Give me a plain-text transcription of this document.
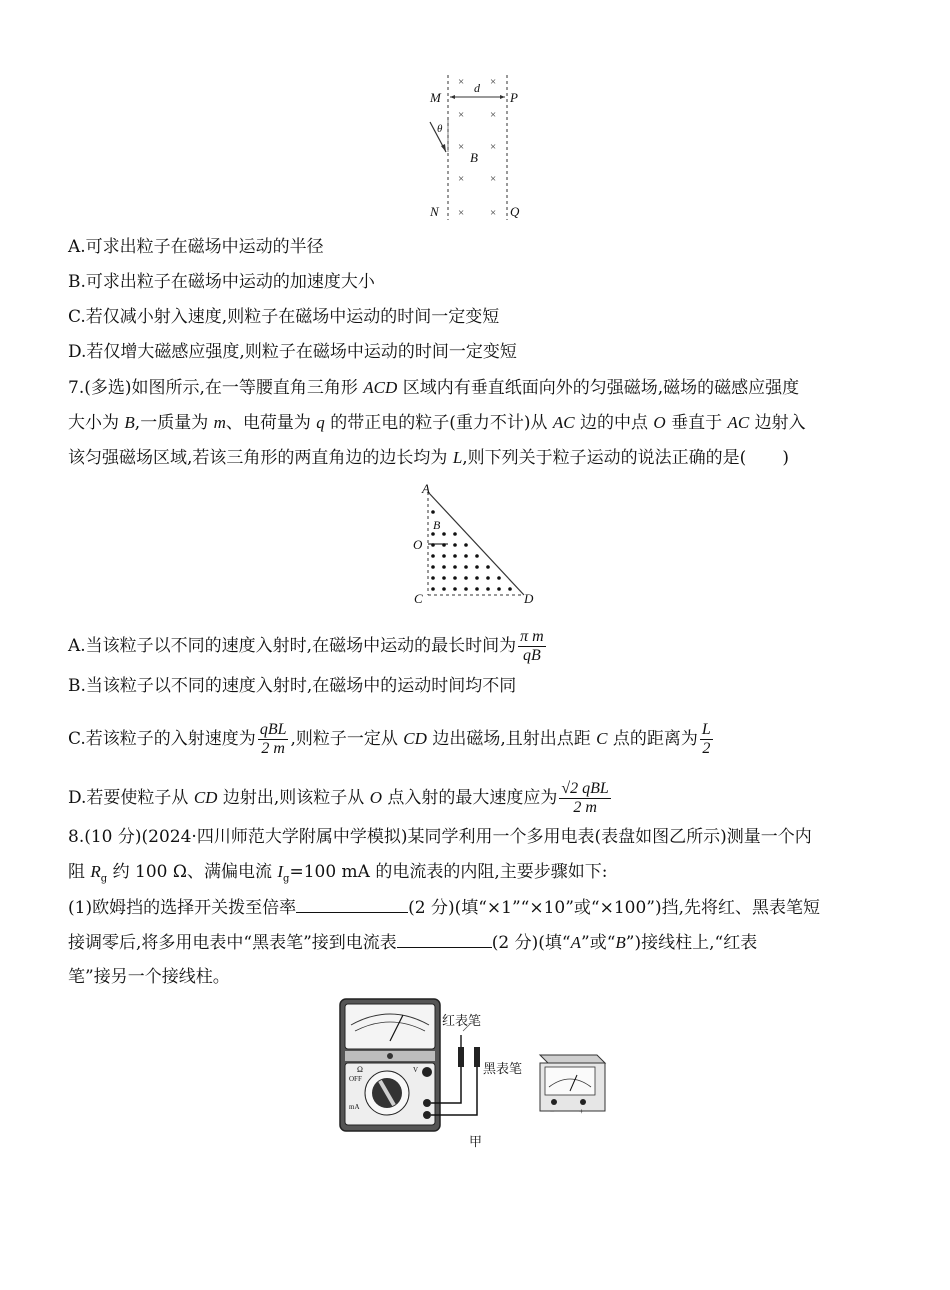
d
M	P
N	Q
B
θ
× ×
× ×
× ×
× ×
× ×
A.可求出粒子在磁场中运动的半径
B.可求出粒子在磁场中运动的加速度大小
C.若仅减小射入速度,则粒子在磁场中运动的时间一定变短
D.若仅增大磁感应强度,则粒子在磁场中运动的时间一定变短
7.(多选)如图所示,在一等腰直角三角形 ACD 区域内有垂直纸面向外的匀强磁场,磁场的磁感应强度
大小为 B,一质量为 m、电荷量为 q 的带正电的粒子(重力不计)从 AC 边的中点 O 垂直于 AC 边射入
该匀强磁场区域,若该三角形的两直角边的边长均为 L,则下列关于粒子运动的说法正确的是( )
A
B
O
C	D
A.当该粒子以不同的速度入射时,在磁场中运动的最长时间为 $\frac{\text{π m}}{qB}$
B.当该粒子以不同的速度入射时,在磁场中的运动时间均不同
C.若该粒子的入射速度为 $\frac{\text{qBL}}{2 m}$ ,则粒子一定从 CD 边出磁场,且射出点距 C 点的距离为 $\frac{L}{2}$
D.若要使粒子从 CD 边射出,则该粒子从 O 点入射的最大速度应为 $\frac{\text{√2 qBL}}{2 m}$
8.(10 分)(2024·四川师范大学附属中学模拟)某同学利用一个多用电表(表盘如图乙所示)测量一个内
阻 $R_g$ 约 100 Ω、满偏电流 $I_g=100$ mA 的电流表的内阻,主要步骤如下:
(1)欧姆挡的选择开关拨至倍率	(2 分)(填“×1”“×10”或“×100”)挡,先将红、黑表笔短
接调零后,将多用电表中“黑表笔”接到电流表	(2 分)(填“A”或“B”)接线柱上,“红表
笔”接另一个接线柱。
OFF
Ω
mA
V
红表笔
黑表笔
甲
−	+
